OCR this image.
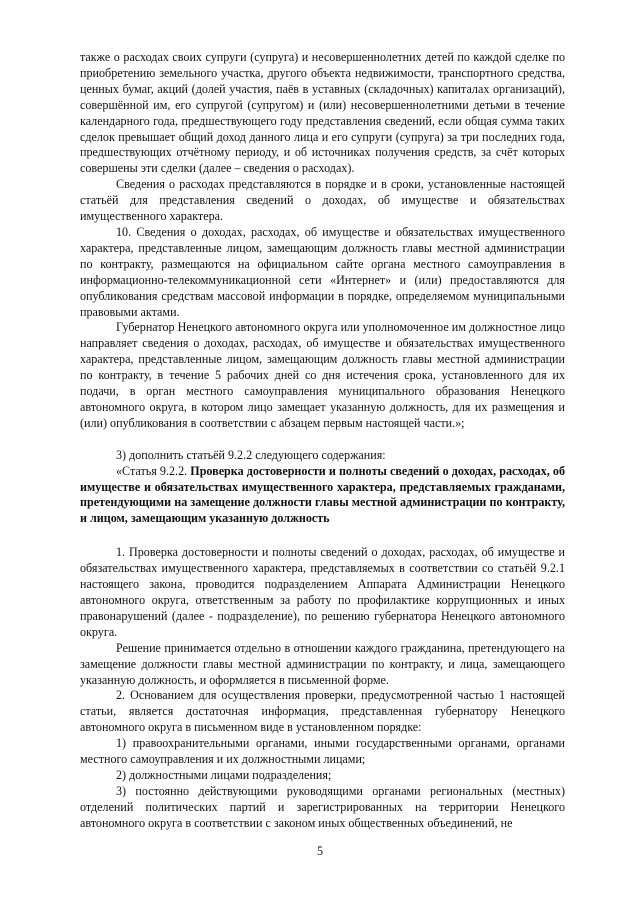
также о расходах своих супруги (супруга) и несовершеннолетних детей по каждой сделке по приобретению земельного участка, другого объекта недвижимости, транспортного средства, ценных бумаг, акций (долей участия, паёв в уставных (складочных) капиталах организаций), совершённой им, его супругой (супругом) и (или) несовершеннолетними детьми в течение календарного года, предшествующего году представления сведений, если общая сумма таких сделок превышает общий доход данного лица и его супруги (супруга) за три последних года, предшествующих отчётному периоду, и об источниках получения средств, за счёт которых совершены эти сделки (далее – сведения о расходах).

Сведения о расходах представляются в порядке и в сроки, установленные настоящей статьёй для представления сведений о доходах, об имуществе и обязательствах имущественного характера.

10. Сведения о доходах, расходах, об имуществе и обязательствах имущественного характера, представленные лицом, замещающим должность главы местной администрации по контракту, размещаются на официальном сайте органа местного самоуправления в информационно-телекоммуникационной сети «Интернет» и (или) предоставляются для опубликования средствам массовой информации в порядке, определяемом муниципальными правовыми актами.

Губернатор Ненецкого автономного округа или уполномоченное им должностное лицо направляет сведения о доходах, расходах, об имуществе и обязательствах имущественного характера, представленные лицом, замещающим должность главы местной администрации по контракту, в течение 5 рабочих дней со дня истечения срока, установленного для их подачи, в орган местного самоуправления муниципального образования Ненецкого автономного округа, в котором лицо замещает указанную должность, для их размещения и (или) опубликования в соответствии с абзацем первым настоящей части.»;

3) дополнить статьёй 9.2.2 следующего содержания:

«Статья 9.2.2. Проверка достоверности и полноты сведений о доходах, расходах, об имуществе и обязательствах имущественного характера, представляемых гражданами, претендующими на замещение должности главы местной администрации по контракту, и лицом, замещающим указанную должность

1. Проверка достоверности и полноты сведений о доходах, расходах, об имуществе и обязательствах имущественного характера, представляемых в соответствии со статьёй 9.2.1 настоящего закона, проводится подразделением Аппарата Администрации Ненецкого автономного округа, ответственным за работу по профилактике коррупционных и иных правонарушений (далее - подразделение), по решению губернатора Ненецкого автономного округа.

Решение принимается отдельно в отношении каждого гражданина, претендующего на замещение должности главы местной администрации по контракту, и лица, замещающего указанную должность, и оформляется в письменной форме.

2. Основанием для осуществления проверки, предусмотренной частью 1 настоящей статьи, является достаточная информация, представленная губернатору Ненецкого автономного округа в письменном виде в установленном порядке:

1) правоохранительными органами, иными государственными органами, органами местного самоуправления и их должностными лицами;

2) должностными лицами подразделения;

3) постоянно действующими руководящими органами региональных (местных) отделений политических партий и зарегистрированных на территории Ненецкого автономного округа в соответствии с законом иных общественных объединений, не

5
